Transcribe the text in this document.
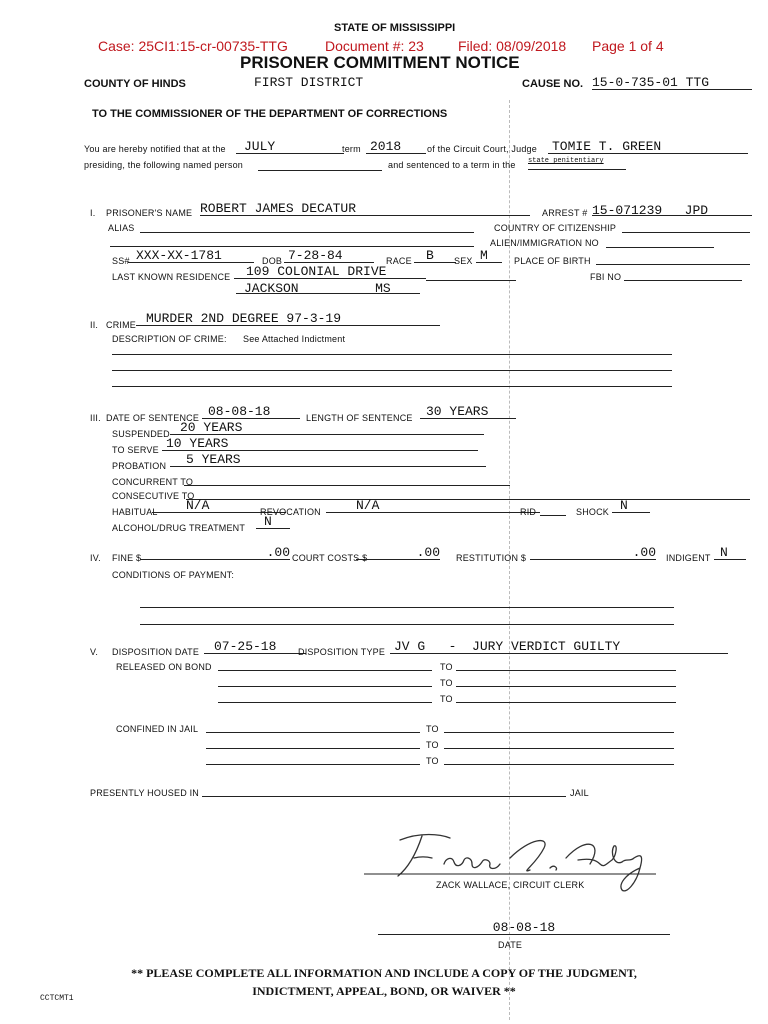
STATE OF MISSISSIPPI
Case: 25CI1:15-cr-00735-TTG	Document #: 23 Filed: 08/09/2018 Page 1 of 4
PRISONER COMMITMENT NOTICE
COUNTY OF HINDS	FIRST DISTRICT	CAUSE NO. 15-0-735-01 TTG
TO THE COMMISSIONER OF THE DEPARTMENT OF CORRECTIONS
You are hereby notified that at the	JULY	term 2018	of the Circuit Court, Judge	TOMIE T. GREEN
presiding, the following named person	and sentenced to a term in the state penitentiary
I. PRISONER'S NAME ROBERT JAMES DECATUR	ARREST # 15-071239 JPD
ALIAS	COUNTRY OF CITIZENSHIP
ALIEN/IMMIGRATION NO
SS# XXX-XX-1781	DOB 7-28-84	RACE	B	SEX M	PLACE OF BIRTH
LAST KNOWN RESIDENCE	109 COLONIAL DRIVE	FBI NO
JACKSON	MS
II. CRIME MURDER 2ND DEGREE 97-3-19
DESCRIPTION OF CRIME: See Attached Indictment
III. DATE OF SENTENCE 08-08-18	LENGTH OF SENTENCE	30 YEARS
SUSPENDED 20 YEARS
TO SERVE 10 YEARS
PROBATION	5 YEARS
CONCURRENT TO
CONSECUTIVE TO
HABITUAL	N/A	REVOCATION	N/A	RID	SHOCK N
ALCOHOL/DRUG TREATMENT	N
IV. FINE $	.00 COURT COSTS $	.00 RESTITUTION $	.00 INDIGENT N
CONDITIONS OF PAYMENT:
V. DISPOSITION DATE	07-25-18	DISPOSITION TYPE JV G   -  JURY VERDICT GUILTY
RELEASED ON BOND	TO
TO
TO
CONFINED IN JAIL	TO
TO
TO
PRESENTLY HOUSED IN	JAIL
ZACK WALLACE, CIRCUIT CLERK
08-08-18
DATE
** PLEASE COMPLETE ALL INFORMATION AND INCLUDE A COPY OF THE JUDGMENT,
INDICTMENT, APPEAL, BOND, OR WAIVER **
CCTCMT1
